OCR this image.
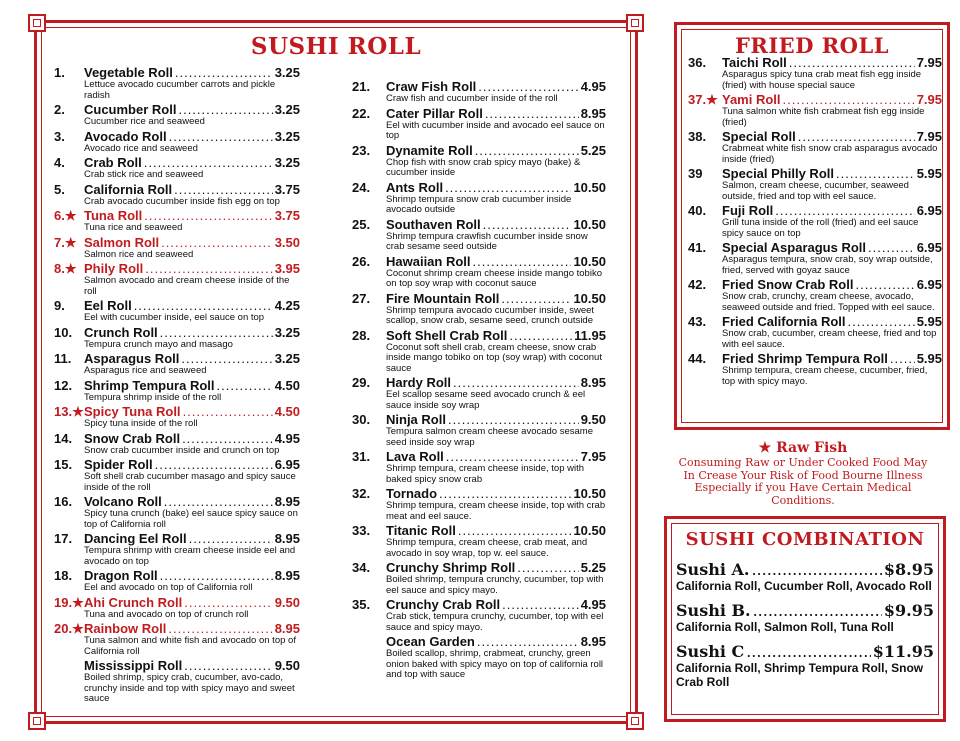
SUSHI ROLL
1.	Vegetable Roll .....	3.25
Lettuce avocado cucumber carrots and pickle radish
2.	Cucumber Roll .....	3.25
Cucumber rice and seaweed
3.	Avocado Roll .....	3.25
Avocado rice and seaweed
4.	Crab Roll .....	3.25
Crab stick rice and seaweed
5.	California Roll .....	3.75
Crab avocado cucumber inside fish egg on top
6.★ Tuna Roll .....	3.75
Tuna rice and seaweed
7.★ Salmon Roll .....	3.50
Salmon rice and seaweed
8.★ Phily Roll .....	3.95
Salmon avocado and cream cheese inside of the roll
9.	Eel Roll .....	4.25
Eel with cucumber inside, eel sauce on top
10. Crunch Roll .....	3.25
Tempura crunch mayo and masago
11. Asparagus Roll .....	3.25
Asparagus rice and seaweed
12. Shrimp Tempura Roll .....	4.50
Tempura shrimp inside of the roll
13.★ Spicy Tuna Roll .....	4.50
Spicy tuna inside of the roll
14. Snow Crab Roll .....	4.95
Snow crab cucumber inside and crunch on top
15. Spider Roll .....	6.95
Soft shell crab cucumber masago and spicy sauce inside of the roll
16. Volcano Roll .....	8.95
Spicy tuna crunch (bake) eel sauce spicy sauce on top of California roll
17. Dancing Eel Roll .....	8.95
Tempura shrimp with cream cheese inside eel and avocado on top
18. Dragon Roll .....	8.95
Eel and avocado on top of California roll
19.★ Ahi Crunch Roll .....	9.50
Tuna and avocado on top of crunch roll
20.★ Rainbow Roll .....	8.95
Tuna salmon and white fish and avocado on top of California roll
Mississippi Roll .....	9.50
Boiled shrimp, spicy crab, cucumber, avo-cado, crunchy inside and top with spicy mayo and sweet sauce
21.	Craw Fish Roll .....	4.95
Craw fish and cucumber inside of the roll
22.	Cater Pillar Roll .....	8.95
Eel with cucumber inside and avocado eel sauce on top
23.	Dynamite Roll .....	5.25
Chop fish with snow crab spicy mayo (bake) & cucumber inside
24.	Ants Roll .....	10.50
Shrimp tempura snow crab cucumber inside avocado outside
25.	Southaven Roll .....	10.50
Shrimp tempura crawfish cucumber inside snow crab sesame seed outside
26.	Hawaiian Roll .....	10.50
Coconut shrimp cream cheese inside mango tobiko on top soy wrap with coconut sauce
27.	Fire Mountain Roll .....	10.50
Shrimp tempura avocado cucumber inside, sweet scallop, snow crab, sesame seed, crunch outside
28.	Soft Shell Crab Roll .....	11.95
Coconut soft shell crab, cream cheese, snow crab inside mango tobiko on top (soy wrap) with coconut sauce
29.	Hardy Roll .....	8.95
Eel scallop sesame seed avocado crunch & eel sauce inside soy wrap
30.	Ninja Roll .....	9.50
Tempura salmon cream cheese avocado sesame seed inside soy wrap
31.	Lava Roll .....	7.95
Shrimp tempura, cream cheese inside, top with baked spicy snow crab
32.	Tornado .....	10.50
Shrimp tempura, cream cheese inside, top with crab meat and eel sauce.
33.	Titanic Roll .....	10.50
Shrimp tempura, cream cheese, crab meat, and avocado in soy wrap, top w. eel sauce.
34.	Crunchy Shrimp Roll .....	5.25
Boiled shrimp, tempura crunchy, cucumber, top with eel sauce and spicy mayo.
35.	Crunchy Crab Roll .....	4.95
Crab stick, tempura crunchy, cucumber, top with eel sauce and spicy mayo.
Ocean Garden .....	8.95
Boiled scallop, shrimp, crabmeat, crunchy, green onion baked with spicy mayo on top of california roll and top with sauce
FRIED ROLL
36.	Taichi Roll .....	7.95
Asparagus spicy tuna crab meat fish egg inside (fried) with house special sauce
37.★ Yami Roll .....	7.95
Tuna salmon white fish crabmeat fish egg inside (fried)
38.	Special Roll .....	7.95
Crabmeat white fish snow crab asparagus avocado inside (fried)
39	Special Philly Roll .....	5.95
Salmon, cream cheese, cucumber, seaweed outside, fried and top with eel sauce.
40.	Fuji Roll .....	6.95
Grill tuna inside of the roll (fried) and eel sauce spicy sauce on top
41.	Special Asparagus Roll .....	6.95
Asparagus tempura, snow crab, soy wrap outside, fried, served with goyaz sauce
42.	Fried Snow Crab Roll .....	6.95
Snow crab, crunchy, cream cheese, avocado, seaweed outside and fried. Topped with eel sauce.
43.	Fried California Roll .....	5.95
Snow crab, cucumber, cream cheese, fried and top with eel sauce.
44.	Fried Shrimp Tempura Roll ..... 5.95
Shrimp tempura, cream cheese, cucumber, fried, top with spicy mayo.
★ Raw Fish
Consuming Raw or Under Cooked Food May In Crease Your Risk of Food Bourne Illness Especially if you Have Certain Medical Conditions.
SUSHI COMBINATION
Sushi A. .....	$8.95
California Roll, Cucumber Roll, Avocado Roll
Sushi B. .....	$9.95
California Roll, Salmon Roll, Tuna Roll
Sushi C .....	$11.95
California Roll, Shrimp Tempura Roll, Snow Crab Roll
